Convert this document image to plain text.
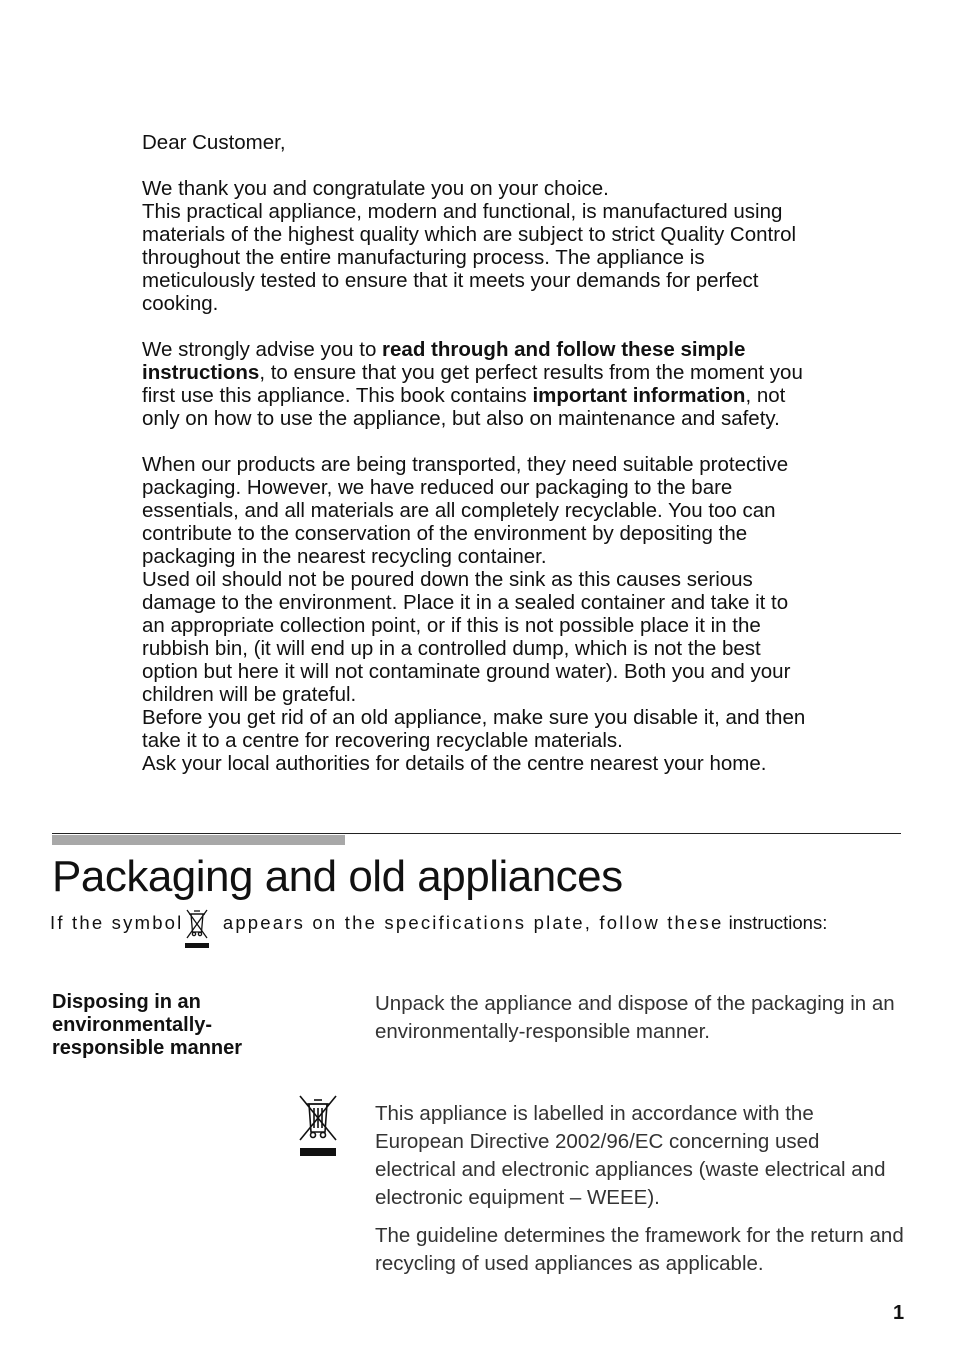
Dear Customer,

We thank you and congratulate you on your choice.

This practical appliance, modern and functional, is manufactured using materials of the highest quality which are subject to strict Quality Control throughout the entire manufacturing process. The appliance is meticulously tested to ensure that it meets your demands for perfect cooking.

We strongly advise you to read through and follow these simple instructions, to ensure that you get perfect results from the moment you first use this appliance. This book contains important information, not only on how to use the appliance, but also on maintenance and safety.

When our products are being transported, they need suitable protective packaging. However, we have reduced our packaging to the bare essentials, and all materials are all completely recyclable. You too can contribute to the conservation of the environment by depositing the packaging in the nearest recycling container.

Used oil should not be poured down the sink as this causes serious damage to the environment. Place it in a sealed container and take it to an appropriate collection point, or if this is not possible place it in the rubbish bin, (it will end up in a controlled dump, which is not the best option but here it will not contaminate ground water). Both you and your children will be grateful.

Before you get rid of an old appliance, make sure you disable it, and then take it to a centre for recovering recyclable materials.

Ask your local authorities for details of the centre nearest your home.

Packaging and old appliances
If the symbol appears on the specifications plate, follow these instructions:
Disposing in an environmentally-responsible manner
Unpack the appliance and dispose of the packaging in an environmentally-responsible manner.
This appliance is labelled in accordance with the European Directive 2002/96/EC concerning used electrical and electronic appliances (waste electrical and electronic equipment – WEEE).
The guideline determines the framework for the return and recycling of used appliances as applicable.
1
